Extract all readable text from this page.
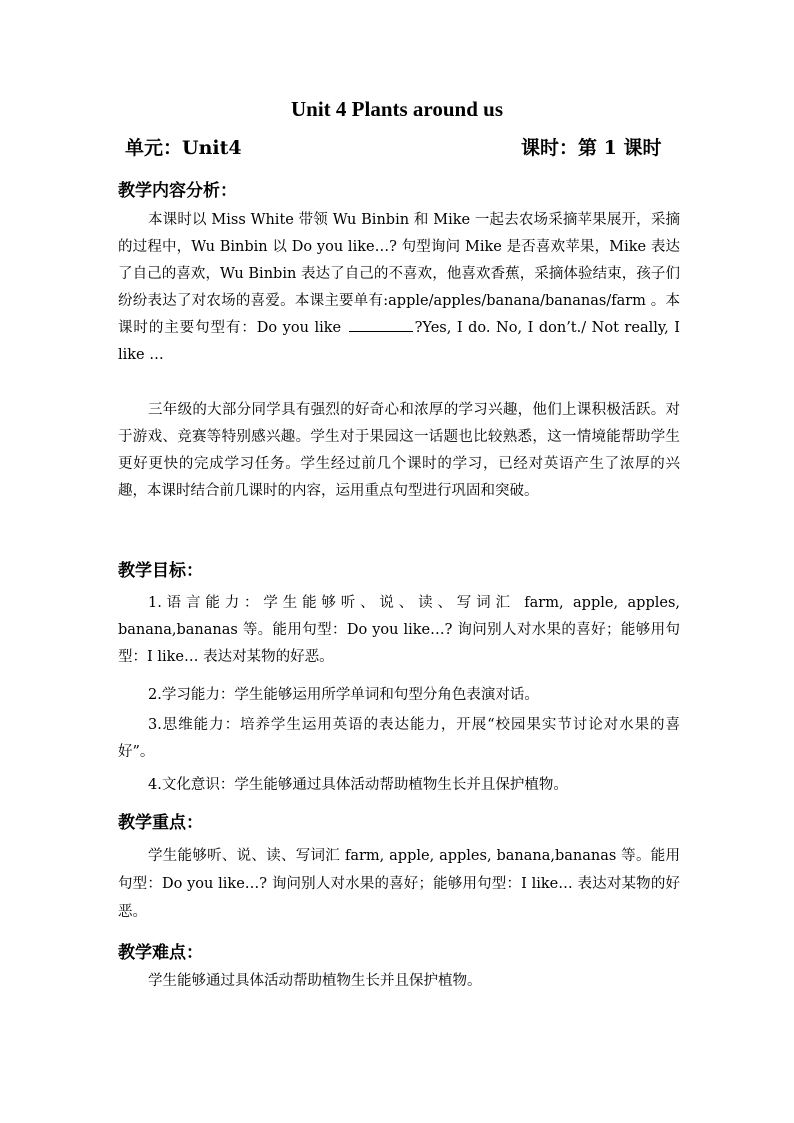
Unit 4 Plants around us
单元：Unit4	课时：第 1 课时
教学内容分析：
本课时以 Miss White 带领 Wu Binbin 和 Mike 一起去农场采摘苹果展开，采摘的过程中，Wu Binbin 以 Do you like…? 句型询问 Mike 是否喜欢苹果，Mike 表达了自己的喜欢，Wu Binbin 表达了自己的不喜欢，他喜欢香蕉，采摘体验结束，孩子们纷纷表达了对农场的喜爱。本课主要单有:apple/apples/banana/bananas/farm 。本课时的主要句型有：Do you like	?Yes, I do. No, I don’t./ Not really, I like …
三年级的大部分同学具有强烈的好奇心和浓厚的学习兴趣，他们上课积极活跃。对于游戏、竞赛等特别感兴趣。学生对于果园这一话题也比较熟悉，这一情境能帮助学生更好更快的完成学习任务。学生经过前几个课时的学习，已经对英语产生了浓厚的兴趣，本课时结合前几课时的内容，运用重点句型进行巩固和突破。
教学目标：
1.语言能力：学生能够听、说、读、写词汇 farm, apple, apples, banana,bananas 等。能用句型：Do you like…? 询问别人对水果的喜好；能够用句型：I like… 表达对某物的好恶。
2.学习能力：学生能够运用所学单词和句型分角色表演对话。
3.思维能力：培养学生运用英语的表达能力，开展“校园果实节讨论对水果的喜好”。
4.文化意识：学生能够通过具体活动帮助植物生长并且保护植物。
教学重点：
学生能够听、说、读、写词汇 farm, apple, apples, banana,bananas 等。能用句型：Do you like…? 询问别人对水果的喜好；能够用句型：I like… 表达对某物的好恶。
教学难点：
学生能够通过具体活动帮助植物生长并且保护植物。
